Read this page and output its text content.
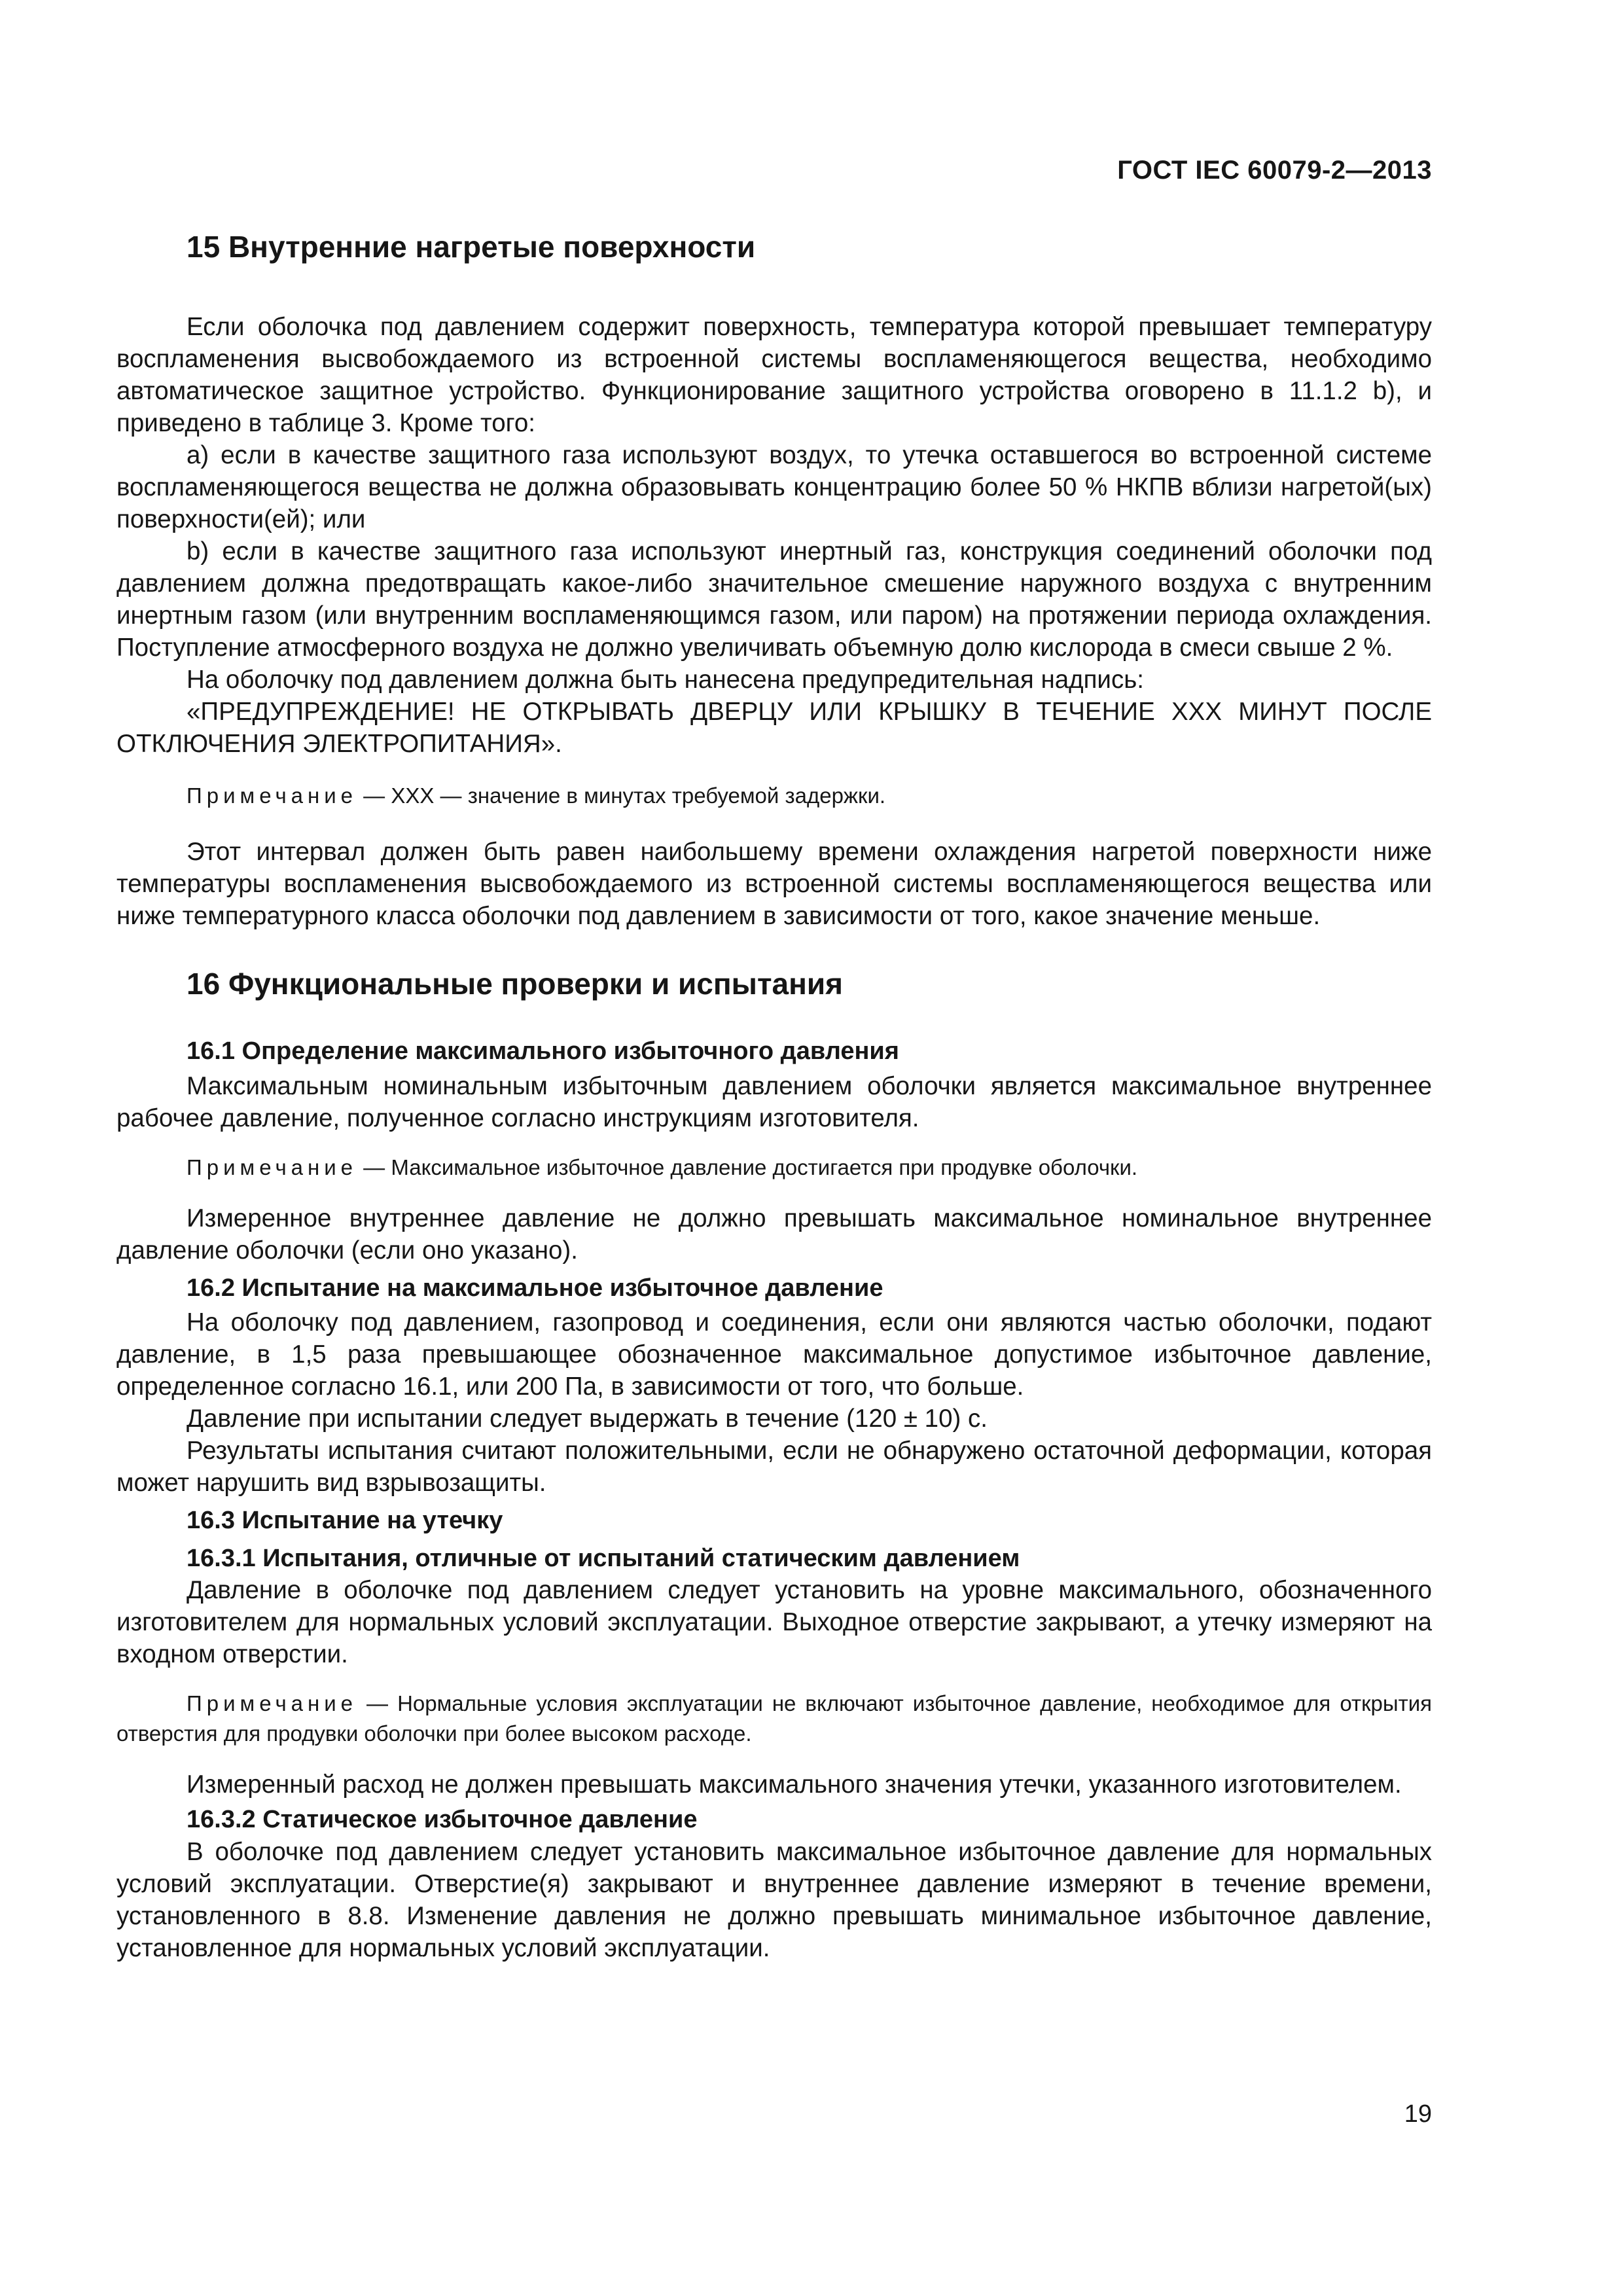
ГОСТ IEC 60079-2—2013
15 Внутренние нагретые поверхности

Если оболочка под давлением содержит поверхность, температура которой превышает температуру воспламенения высвобождаемого из встроенной системы воспламеняющегося вещества, необходимо автоматическое защитное устройство. Функционирование защитного устройства оговорено в 11.1.2 b), и приведено в таблице 3. Кроме того:

a) если в качестве защитного газа используют воздух, то утечка оставшегося во встроенной системе воспламеняющегося вещества не должна образовывать концентрацию более 50 % НКПВ вблизи нагретой(ых) поверхности(ей); или

b) если в качестве защитного газа используют инертный газ, конструкция соединений оболочки под давлением должна предотвращать какое-либо значительное смешение наружного воздуха с внутренним инертным газом (или внутренним воспламеняющимся газом, или паром) на протяжении периода охлаждения. Поступление атмосферного воздуха не должно увеличивать объемную долю кислорода в смеси свыше 2 %.

На оболочку под давлением должна быть нанесена предупредительная надпись:

«ПРЕДУПРЕЖДЕНИЕ! НЕ ОТКРЫВАТЬ ДВЕРЦУ ИЛИ КРЫШКУ В ТЕЧЕНИЕ ХХХ МИНУТ ПОСЛЕ ОТКЛЮЧЕНИЯ ЭЛЕКТРОПИТАНИЯ».

Примечание — ХХХ — значение в минутах требуемой задержки.

Этот интервал должен быть равен наибольшему времени охлаждения нагретой поверхности ниже температуры воспламенения высвобождаемого из встроенной системы воспламеняющегося вещества или ниже температурного класса оболочки под давлением в зависимости от того, какое значение меньше.

16 Функциональные проверки и испытания
16.1 Определение максимального избыточного давления

Максимальным номинальным избыточным давлением оболочки является максимальное внутреннее рабочее давление, полученное согласно инструкциям изготовителя.

Примечание — Максимальное избыточное давление достигается при продувке оболочки.

Измеренное внутреннее давление не должно превышать максимальное номинальное внутреннее давление оболочки (если оно указано).

16.2 Испытание на максимальное избыточное давление

На оболочку под давлением, газопровод и соединения, если они являются частью оболочки, подают давление, в 1,5 раза превышающее обозначенное максимальное допустимое избыточное давление, определенное согласно 16.1, или 200 Па, в зависимости от того, что больше.

Давление при испытании следует выдержать в течение (120 ± 10) с.

Результаты испытания считают положительными, если не обнаружено остаточной деформации, которая может нарушить вид взрывозащиты.

16.3 Испытание на утечку
16.3.1 Испытания, отличные от испытаний статическим давлением

Давление в оболочке под давлением следует установить на уровне максимального, обозначенного изготовителем для нормальных условий эксплуатации. Выходное отверстие закрывают, а утечку измеряют на входном отверстии.

Примечание — Нормальные условия эксплуатации не включают избыточное давление, необходимое для открытия отверстия для продувки оболочки при более высоком расходе.

Измеренный расход не должен превышать максимального значения утечки, указанного изготовителем.

16.3.2 Статическое избыточное давление

В оболочке под давлением следует установить максимальное избыточное давление для нормальных условий эксплуатации. Отверстие(я) закрывают и внутреннее давление измеряют в течение времени, установленного в 8.8. Изменение давления не должно превышать минимальное избыточное давление, установленное для нормальных условий эксплуатации.

19
